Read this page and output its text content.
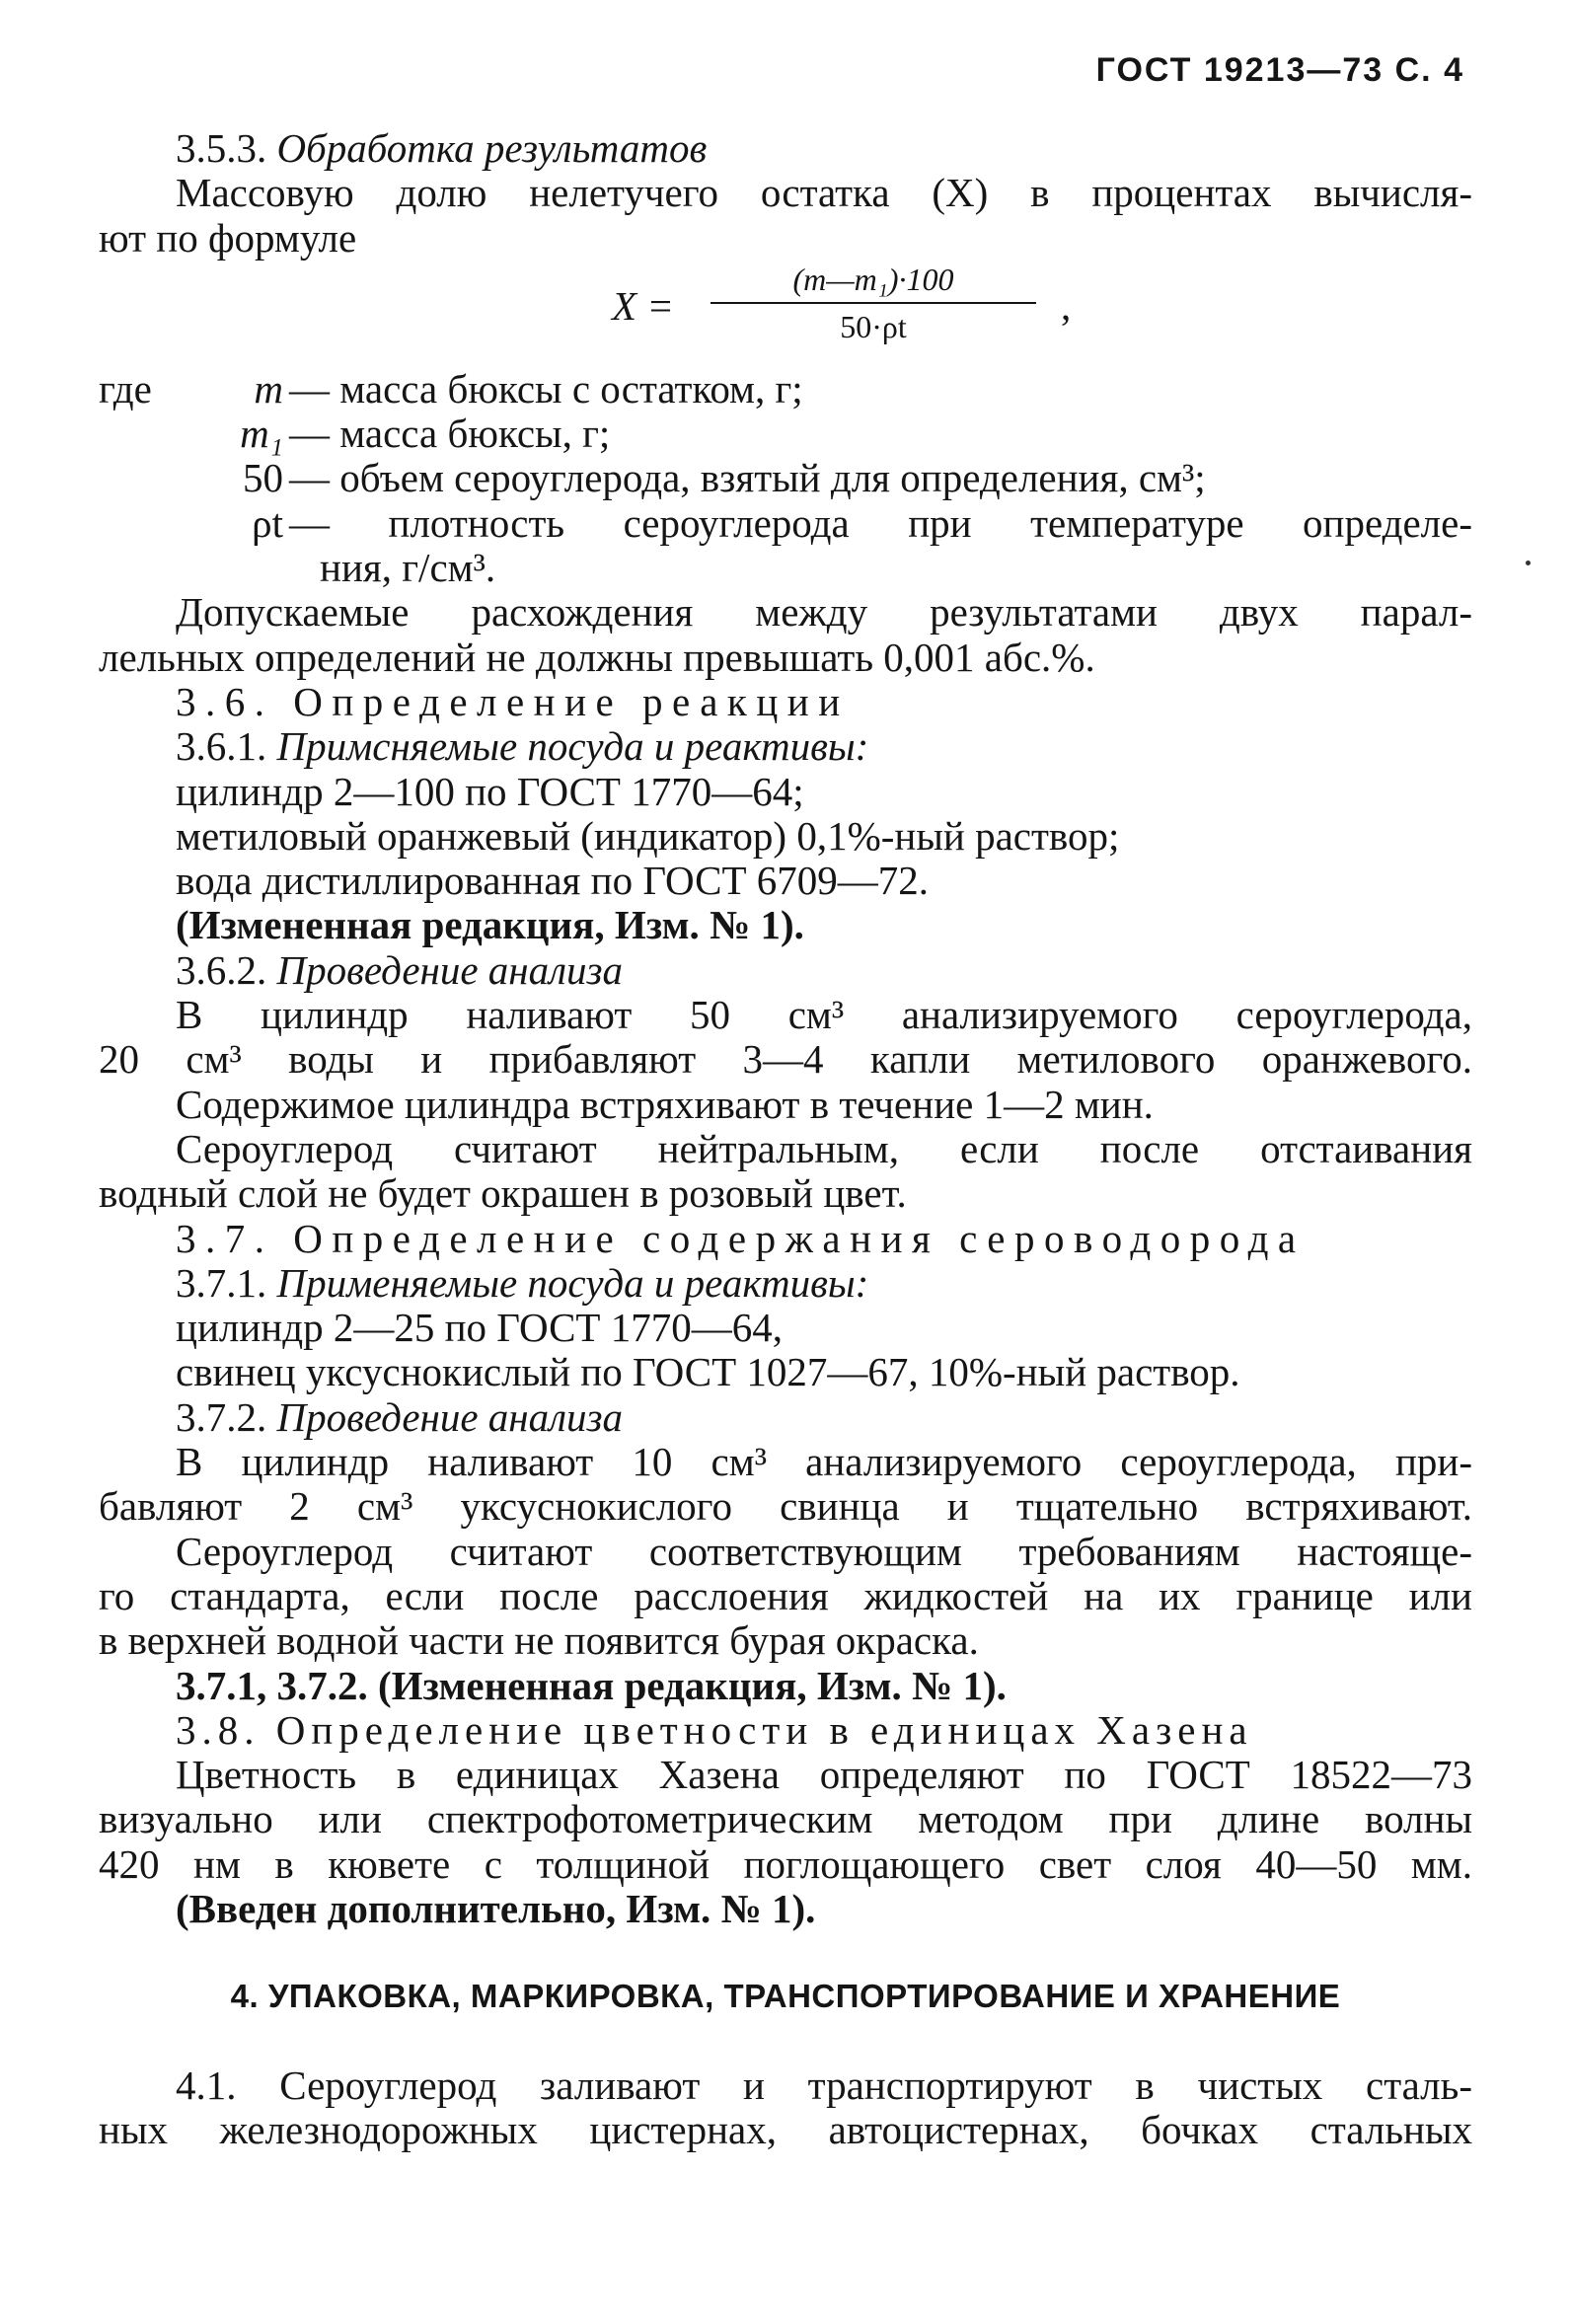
ГОСТ 19213—73 С. 4
3.5.3. Обработка результатов
Массовую долю нелетучего остатка (X) в процентах вычисля-
ют по формуле
X =
(m—m₁)·100
50·ρt	,
где	m — масса бюксы с остатком, г;
m₁ — масса бюксы, г;
50 — объем сероуглерода, взятый для определения, см³;
ρt — плотность сероуглерода при температуре определе-
ния, г/см³.
Допускаемые расхождения между результатами двух парал-
лельных определений не должны превышать 0,001 абс.%.
3.6. Определение реакции
3.6.1. Примсняемые посуда и реактивы:
цилиндр 2—100 по ГОСТ 1770—64;
метиловый оранжевый (индикатор) 0,1%-ный раствор;
вода дистиллированная по ГОСТ 6709—72.
(Измененная редакция, Изм. № 1).
3.6.2. Проведение анализа
В цилиндр наливают 50 см³ анализируемого сероуглерода,
20 см³ воды и прибавляют 3—4 капли метилового оранжевого.
Содержимое цилиндра встряхивают в течение 1—2 мин.
Сероуглерод считают нейтральным, если после отстаивания
водный слой не будет окрашен в розовый цвет.
3.7. Определение содержания сероводорода
3.7.1. Применяемые посуда и реактивы:
цилиндр 2—25 по ГОСТ 1770—64,
свинец уксуснокислый по ГОСТ 1027—67, 10%-ный раствор.
3.7.2. Проведение анализа
В цилиндр наливают 10 см³ анализируемого сероуглерода, при-
бавляют 2 см³ уксуснокислого свинца и тщательно встряхивают.
Сероуглерод считают соответствующим требованиям настояще-
го стандарта, если после расслоения жидкостей на их границе или
в верхней водной части не появится бурая окраска.
3.7.1, 3.7.2. (Измененная редакция, Изм. № 1).
3.8. Определение цветности в единицах Хазена
Цветность в единицах Хазена определяют по ГОСТ 18522—73
визуально или спектрофотометрическим методом при длине волны
420 нм в кювете с толщиной поглощающего свет слоя 40—50 мм.
(Введен дополнительно, Изм. № 1).
4. УПАКОВКА, МАРКИРОВКА, ТРАНСПОРТИРОВАНИЕ И ХРАНЕНИЕ
4.1. Сероуглерод заливают и транспортируют в чистых сталь-
ных железнодорожных цистернах, автоцистернах, бочках стальных
